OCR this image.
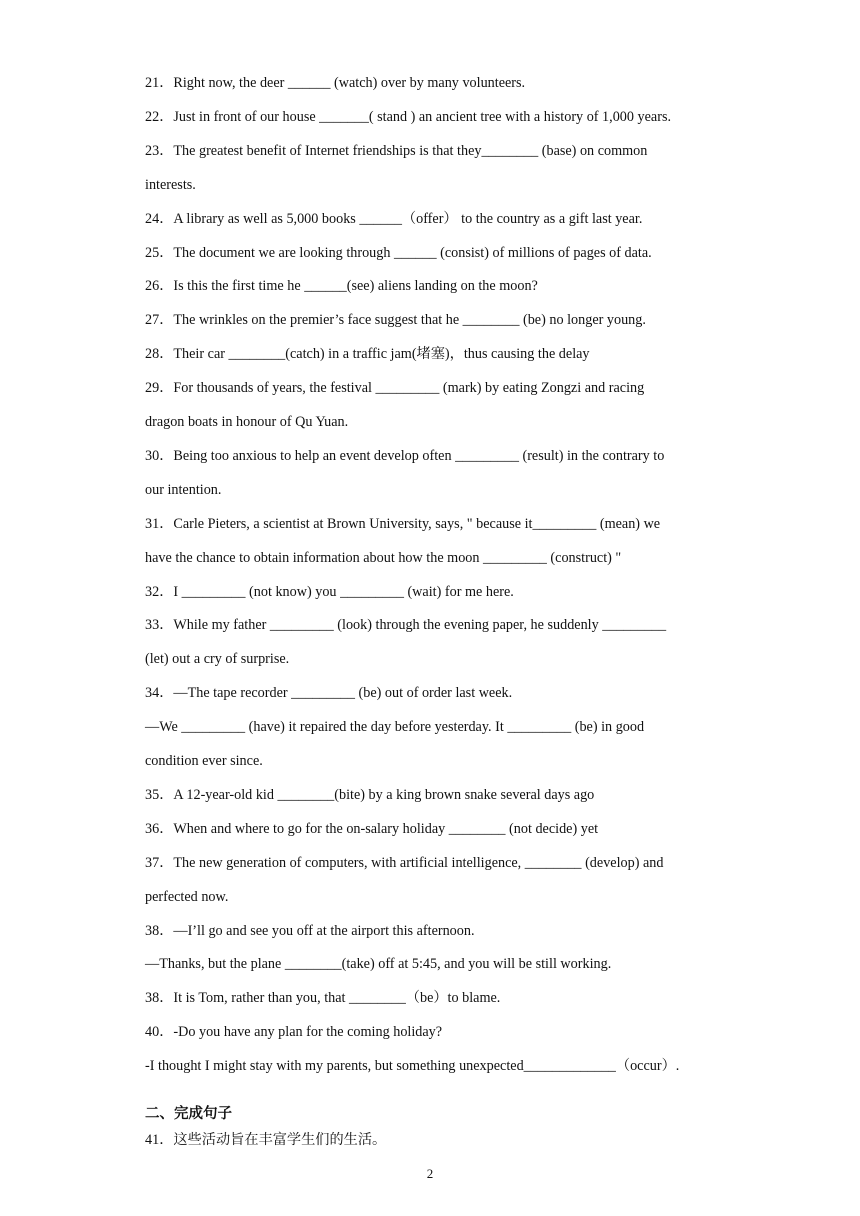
21．Right now, the deer ______ (watch) over by many volunteers.
22．Just in front of our house _______( stand ) an ancient tree with a history of 1,000 years.
23．The greatest benefit of Internet friendships is that they________ (base) on common
interests.
24．A library as well as 5,000 books ______（offer） to the country as a gift last year.
25．The document we are looking through ______ (consist) of millions of pages of data.
26．Is this the first time he ______(see) aliens landing on the moon?
27．The wrinkles on the premier’s face suggest that he ________ (be) no longer young.
28．Their car ________(catch) in a traffic jam(堵塞)，thus causing the delay
29．For thousands of years, the festival _________ (mark) by eating Zongzi and racing
dragon boats in honour of Qu Yuan.
30．Being too anxious to help an event develop often _________ (result) in the contrary to
our intention.
31．Carle Pieters, a scientist at Brown University, says, " because it_________ (mean) we
have the chance to obtain information about how the moon _________ (construct) "
32．I _________ (not know) you _________ (wait) for me here.
33．While my father _________ (look) through the evening paper, he suddenly _________
(let) out a cry of surprise.
34．—The tape recorder _________ (be) out of order last week.
—We _________ (have) it repaired the day before yesterday. It _________ (be) in good
condition ever since.
35．A 12-year-old kid ________(bite) by a king brown snake several days ago
36．When and where to go for the on-salary holiday ________ (not decide) yet
37．The new generation of computers, with artificial intelligence, ________ (develop) and
perfected now.
38．—I’ll go and see you off at the airport this afternoon.
—Thanks, but the plane ________(take) off at 5:45, and you will be still working.
38．It is Tom, rather than you, that ________（be）to blame.
40．-Do you have any plan for the coming holiday?
-I thought I might stay with my parents, but something unexpected_____________（occur）.
二、完成句子
41．这些活动旨在丰富学生们的生活。
2
